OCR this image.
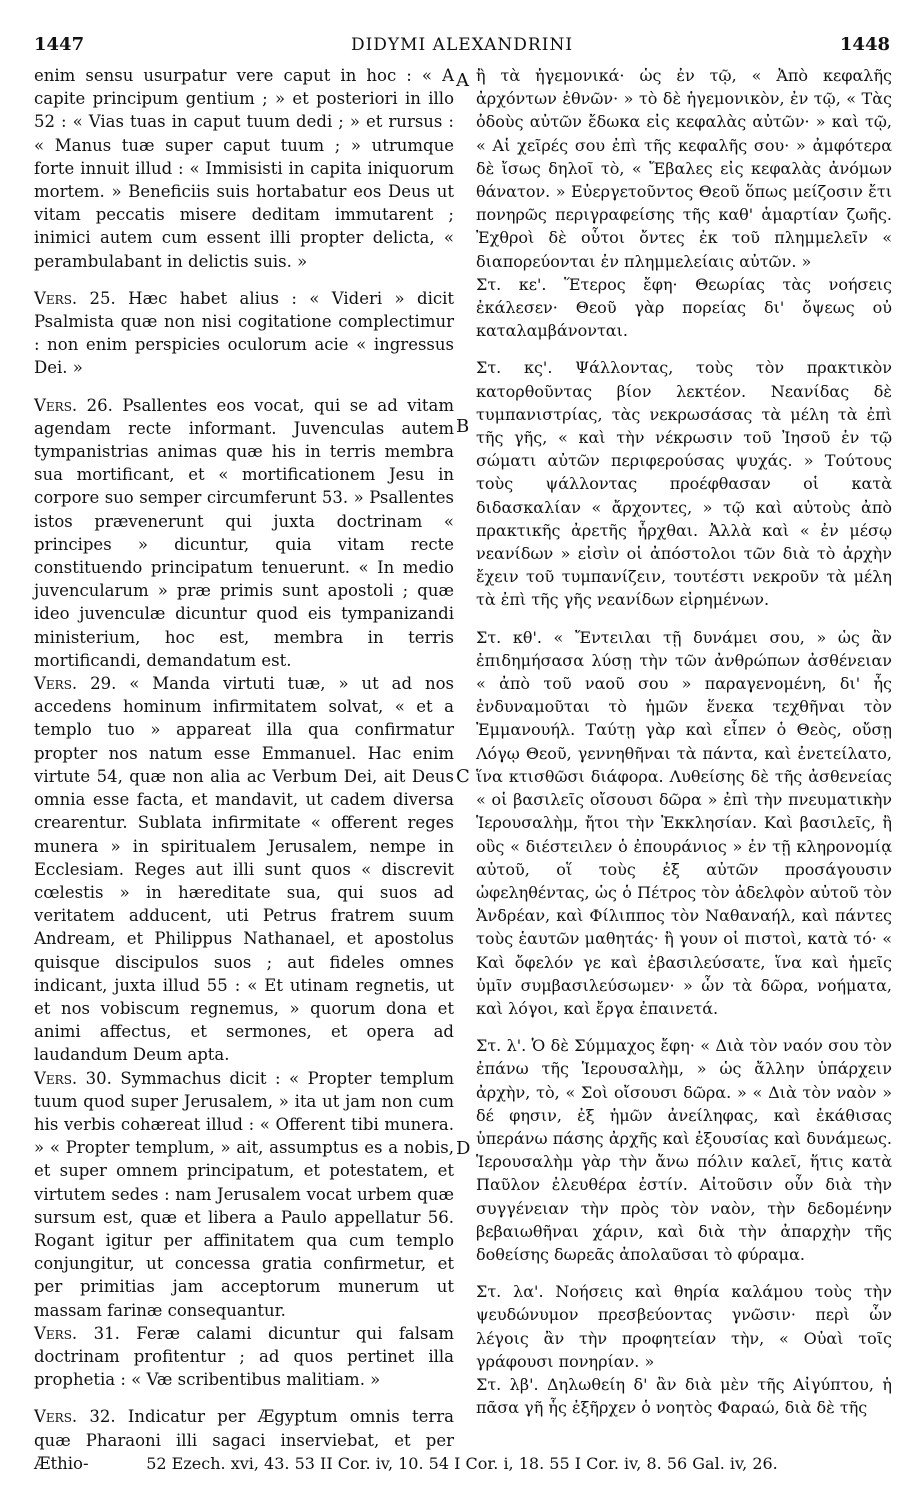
1447	DIDYMI ALEXANDRINI	1448

enim sensu usurpatur vere caput in hoc : « A capite principum gentium ; » et posteriori in illo 52 : « Vias tuas in caput tuum dedi ; » et rursus : « Manus tuæ super caput tuum ; » utrumque forte innuit illud : « Immisisti in capita iniquorum mortem. » Beneficiis suis hortabatur eos Deus ut vitam peccatis misere deditam immutarent ; inimici autem cum essent illi propter delicta, « perambulabant in delictis suis. »

Vers. 25. Hæc habet alius : « Videri » dicit Psalmista quæ non nisi cogitatione complectimur : non enim perspicies oculorum acie « ingressus Dei. »

Vers. 26. Psallentes eos vocat, qui se ad vitam agendam recte informant. Juvenculas autem tympanistrias animas quæ his in terris membra sua mortificant, et « mortificationem Jesu in corpore suo semper circumferunt 53. » Psallentes istos prævenerunt qui juxta doctrinam « principes » dicuntur, quia vitam recte constituendo principatum tenuerunt. « In medio juvencularum » præ primis sunt apostoli ; quæ ideo juvenculæ dicuntur quod eis tympanizandi ministerium, hoc est, membra in terris mortificandi, demandatum est.

Vers. 29. « Manda virtuti tuæ, » ut ad nos accedens hominum infirmitatem solvat, « et a templo tuo » appareat illa qua confirmatur propter nos natum esse Emmanuel. Hac enim virtute 54, quæ non alia ac Verbum Dei, ait Deus omnia esse facta, et mandavit, ut cadem diversa crearentur. Sublata infirmitate « offerent reges munera » in spiritualem Jerusalem, nempe in Ecclesiam. Reges aut illi sunt quos « discrevit cœlestis » in hæreditate sua, qui suos ad veritatem adducent, uti Petrus fratrem suum Andream, et Philippus Nathanael, et apostolus quisque discipulos suos ; aut fideles omnes indicant, juxta illud 55 : « Et utinam regnetis, ut et nos vobiscum regnemus, » quorum dona et animi affectus, et sermones, et opera ad laudandum Deum apta.

Vers. 30. Symmachus dicit : « Propter templum tuum quod super Jerusalem, » ita ut jam non cum his verbis cohæreat illud : « Offerent tibi munera. » « Propter templum, » ait, assumptus es a nobis, et super omnem principatum, et potestatem, et virtutem sedes : nam Jerusalem vocat urbem quæ sursum est, quæ et libera a Paulo appellatur 56. Rogant igitur per affinitatem qua cum templo conjungitur, ut concessa gratia confirmetur, et per primitias jam acceptorum munerum ut massam farinæ consequantur.

Vers. 31. Feræ calami dicuntur qui falsam doctrinam profitentur ; ad quos pertinet illa prophetia : « Væ scribentibus malitiam. »

Vers. 32. Indicatur per Ægyptum omnis terra quæ Pharaoni illi sagaci inserviebat, et per Æthio-

A
B
C
D

ἢ τὰ ἡγεμονικά· ὡς ἐν τῷ, « Ἀπὸ κεφαλῆς ἀρχόντων ἐθνῶν· » τὸ δὲ ἡγεμονικὸν, ἐν τῷ, « Τὰς ὁδοὺς αὐτῶν ἔδωκα εἰς κεφαλὰς αὐτῶν· » καὶ τῷ, « Αἱ χεῖρές σου ἐπὶ τῆς κεφαλῆς σου· » ἀμφότερα δὲ ἴσως δηλοῖ τὸ, « Ἔβαλες εἰς κεφαλὰς ἀνόμων θάνατον. » Εὐεργετοῦντος Θεοῦ ὅπως μείζοσιν ἔτι πονηρῶς περιγραφείσης τῆς καθ' ἁμαρτίαν ζωῆς. Ἐχθροὶ δὲ οὗτοι ὄντες ἐκ τοῦ πλημμελεῖν « διαπορεύονται ἐν πλημμελείαις αὐτῶν. »

Στ. κε'. Ἕτερος ἔφη· Θεωρίας τὰς νοήσεις ἐκάλεσεν· Θεοῦ γὰρ πορείας δι' ὄψεως οὐ καταλαμβάνονται.

Στ. κς'. Ψάλλοντας, τοὺς τὸν πρακτικὸν κατορθοῦντας βίον λεκτέον. Νεανίδας δὲ τυμπανιστρίας, τὰς νεκρωσάσας τὰ μέλη τὰ ἐπὶ τῆς γῆς, « καὶ τὴν νέκρωσιν τοῦ Ἰησοῦ ἐν τῷ σώματι αὐτῶν περιφερούσας ψυχάς. » Τούτους τοὺς ψάλλοντας προέφθασαν οἱ κατὰ διδασκαλίαν « ἄρχοντες, » τῷ καὶ αὐτοὺς ἀπὸ πρακτικῆς ἀρετῆς ἦρχθαι. Ἀλλὰ καὶ « ἐν μέσῳ νεανίδων » εἰσὶν οἱ ἀπόστολοι τῶν διὰ τὸ ἀρχὴν ἔχειν τοῦ τυμπανίζειν, τουτέστι νεκροῦν τὰ μέλη τὰ ἐπὶ τῆς γῆς νεανίδων εἰρημένων.

Στ. κθ'. « Ἔντειλαι τῇ δυνάμει σου, » ὡς ἂν ἐπιδημήσασα λύσῃ τὴν τῶν ἀνθρώπων ἀσθένειαν « ἀπὸ τοῦ ναοῦ σου » παραγενομένη, δι' ἧς ἐνδυναμοῦται τὸ ἡμῶν ἕνεκα τεχθῆναι τὸν Ἐμμανουήλ. Ταύτῃ γὰρ καὶ εἶπεν ὁ Θεὸς, οὔσῃ Λόγῳ Θεοῦ, γεννηθῆναι τὰ πάντα, καὶ ἐνετείλατο, ἵνα κτισθῶσι διάφορα. Λυθείσης δὲ τῆς ἀσθενείας « οἱ βασιλεῖς οἴσουσι δῶρα » ἐπὶ τὴν πνευματικὴν Ἱερουσαλὴμ, ἤτοι τὴν Ἐκκλησίαν. Καὶ βασιλεῖς, ἢ οὓς « διέστειλεν ὁ ἐπουράνιος » ἐν τῇ κληρονομίᾳ αὐτοῦ, οἵ τοὺς ἐξ αὐτῶν προσάγουσιν ὠφεληθέντας, ὡς ὁ Πέτρος τὸν ἀδελφὸν αὐτοῦ τὸν Ἀνδρέαν, καὶ Φίλιππος τὸν Ναθαναήλ, καὶ πάντες τοὺς ἑαυτῶν μαθητάς· ἢ γουν οἱ πιστοὶ, κατὰ τό· « Καὶ ὄφελόν γε καὶ ἐβασιλεύσατε, ἵνα καὶ ἡμεῖς ὑμῖν συμβασιλεύσωμεν· » ὧν τὰ δῶρα, νοήματα, καὶ λόγοι, καὶ ἔργα ἐπαινετά.

Στ. λ'. Ὁ δὲ Σύμμαχος ἔφη· « Διὰ τὸν ναόν σου τὸν ἐπάνω τῆς Ἱερουσαλὴμ, » ὡς ἄλλην ὑπάρχειν ἀρχὴν, τὸ, « Σοὶ οἴσουσι δῶρα. » « Διὰ τὸν ναὸν » δέ φησιν, ἐξ ἡμῶν ἀνείληφας, καὶ ἐκάθισας ὑπεράνω πάσης ἀρχῆς καὶ ἐξουσίας καὶ δυνάμεως. Ἱερουσαλὴμ γὰρ τὴν ἄνω πόλιν καλεῖ, ἥτις κατὰ Παῦλον ἐλευθέρα ἐστίν. Αἰτοῦσιν οὖν διὰ τὴν συγγένειαν τὴν πρὸς τὸν ναὸν, τὴν δεδομένην βεβαιωθῆναι χάριν, καὶ διὰ τὴν ἀπαρχὴν τῆς δοθείσης δωρεᾶς ἀπολαῦσαι τὸ φύραμα.

Στ. λα'. Νοήσεις καὶ θηρία καλάμου τοὺς τὴν ψευδώνυμον πρεσβεύοντας γνῶσιν· περὶ ὧν λέγοις ἂν τὴν προφητείαν τὴν, « Οὐαὶ τοῖς γράφουσι πονηρίαν. »

Στ. λβ'. Δηλωθείη δ' ἂν διὰ μὲν τῆς Αἰγύπτου, ἡ πᾶσα γῆ ἧς ἐξῆρχεν ὁ νοητὸς Φαραώ, διὰ δὲ τῆς

52 Ezech. xvi, 43. 53 II Cor. iv, 10. 54 I Cor. i, 18. 55 I Cor. iv, 8. 56 Gal. iv, 26.
